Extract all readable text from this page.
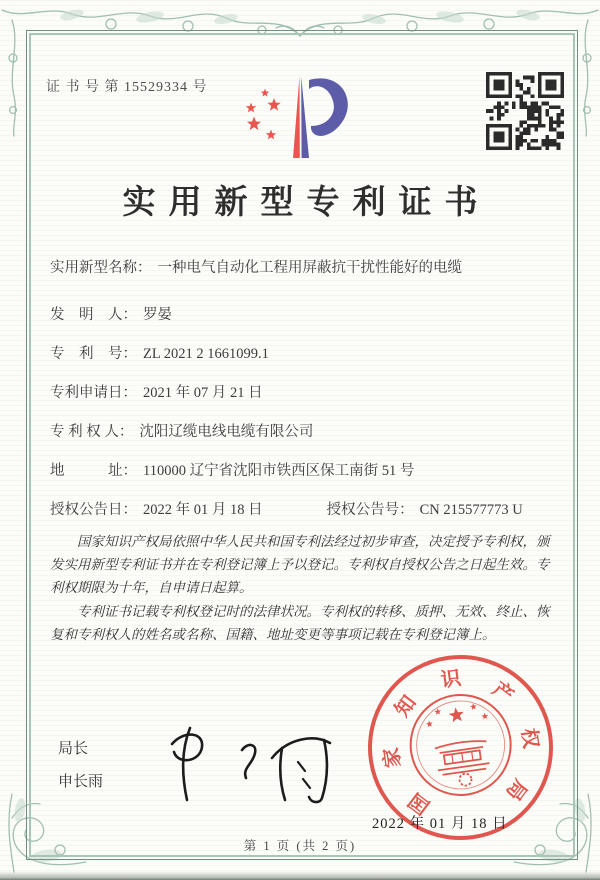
证 书 号 第 15529334 号
实用新型专利证书
实用新型名称： 一种电气自动化工程用屏蔽抗干扰性能好的电缆
发　明　人： 罗晏
专　利　号： ZL 2021 2 1661099.1
专利申请日： 2021 年 07 月 21 日
专 利 权 人： 沈阳辽缆电线电缆有限公司
地　　　址： 110000 辽宁省沈阳市铁西区保工南街 51 号
授权公告日： 2022 年 01 月 18 日	授权公告号： CN 215577773 U

国家知识产权局依照中华人民共和国专利法经过初步审查，决定授予专利权，颁发实用新型专利证书并在专利登记簿上予以登记。专利权自授权公告之日起生效。专利权期限为十年，自申请日起算。

专利证书记载专利权登记时的法律状况。专利权的转移、质押、无效、终止、恢复和专利权人的姓名或名称、国籍、地址变更等事项记载在专利登记簿上。

局长
申长雨
国
家
知
识 产
权
局
2022 年 01 月 18 日
第 1 页 (共 2 页)
